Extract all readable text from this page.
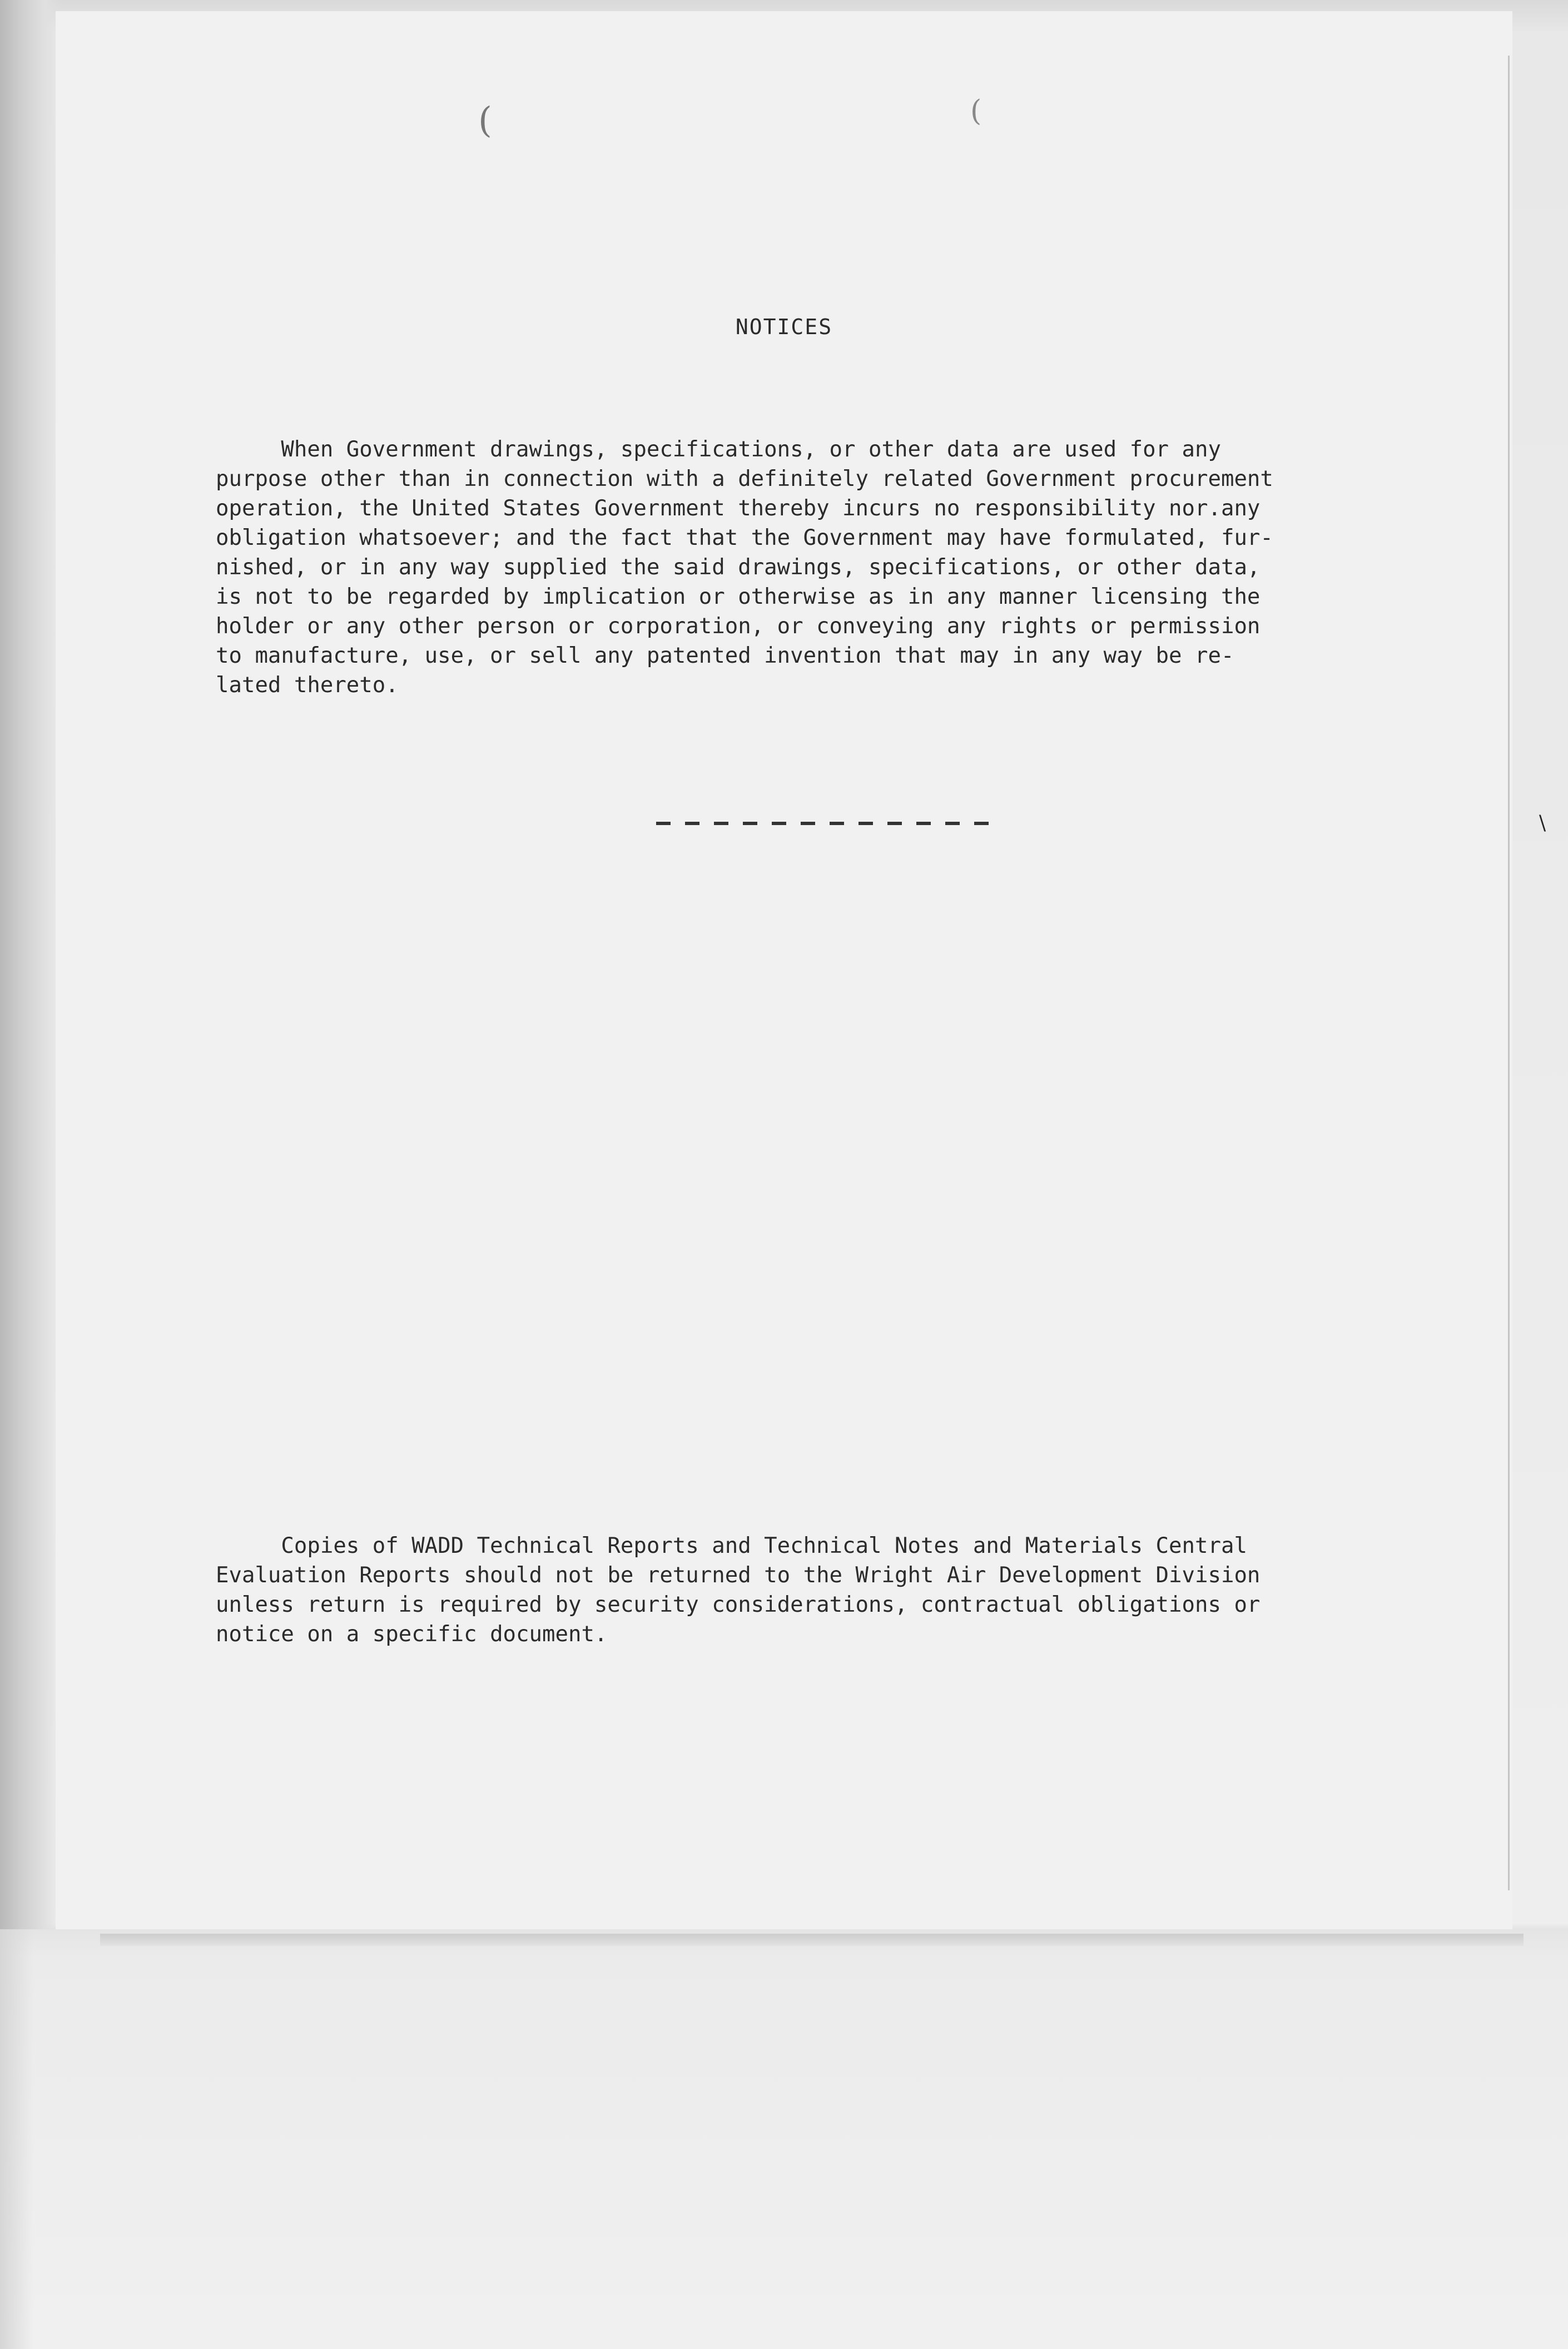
(	(
\
NOTICES
When Government drawings, specifications, or other data are used for any
purpose other than in connection with a definitely related Government procurement
operation, the United States Government thereby incurs no responsibility nor.any
obligation whatsoever; and the fact that the Government may have formulated, fur-
nished, or in any way supplied the said drawings, specifications, or other data,
is not to be regarded by implication or otherwise as in any manner licensing the
holder or any other person or corporation, or conveying any rights or permission
to manufacture, use, or sell any patented invention that may in any way be re-
lated thereto.
Copies of WADD Technical Reports and Technical Notes and Materials Central
Evaluation Reports should not be returned to the Wright Air Development Division
unless return is required by security considerations, contractual obligations or
notice on a specific document.
